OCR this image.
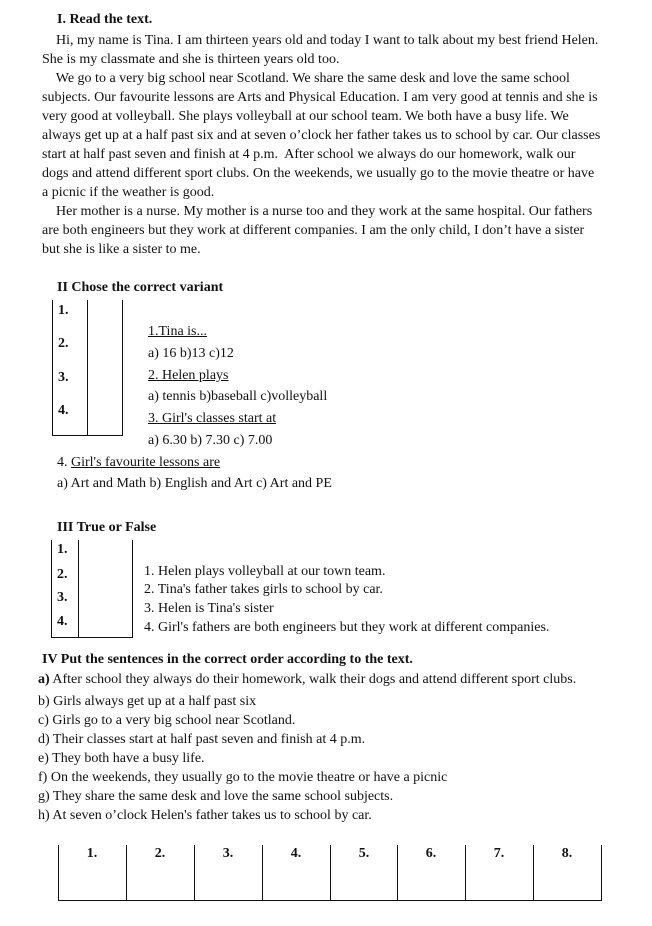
I. Read the text.
Hi, my name is Tina. I am thirteen years old and today I want to talk about my best friend Helen.
She is my classmate and she is thirteen years old too.
We go to a very big school near Scotland. We share the same desk and love the same school
subjects. Our favourite lessons are Arts and Physical Education. I am very good at tennis and she is
very good at volleyball. She plays volleyball at our school team. We both have a busy life. We
always get up at a half past six and at seven o’clock her father takes us to school by car. Our classes
start at half past seven and finish at 4 p.m.  After school we always do our homework, walk our
dogs and attend different sport clubs. On the weekends, we usually go to the movie theatre or have
a picnic if the weather is good.
Her mother is a nurse. My mother is a nurse too and they work at the same hospital. Our fathers
are both engineers but they work at different companies. I am the only child, I don’t have a sister
but she is like a sister to me.
II Chose the correct variant
1.Tina is...
a) 16 b)13 c)12
2. Helen plays
a) tennis b)baseball c)volleyball
3. Girl's classes start at
a) 6.30 b) 7.30 c) 7.00
4. Girl's favourite lessons are
a) Art and Math b) English and Art c) Art and PE
III True or False
1. Helen plays volleyball at our town team.
2. Tina's father takes girls to school by car.
3. Helen is Tina's sister
4. Girl's fathers are both engineers but they work at different companies.
IV Put the sentences in the correct order according to the text.
1.
2.
3.
4.
1.
2.
3.
4.
a) After school they always do their homework, walk their dogs and attend different sport clubs.
b) Girls always get up at a half past six
c) Girls go to a very big school near Scotland.
d) Their classes start at half past seven and finish at 4 p.m.
e) They both have a busy life.
f) On the weekends, they usually go to the movie theatre or have a picnic
g) They share the same desk and love the same school subjects.
h) At seven o’clock Helen's father takes us to school by car.
1.	2.	3.	4.	5.	6.	7.	8.
